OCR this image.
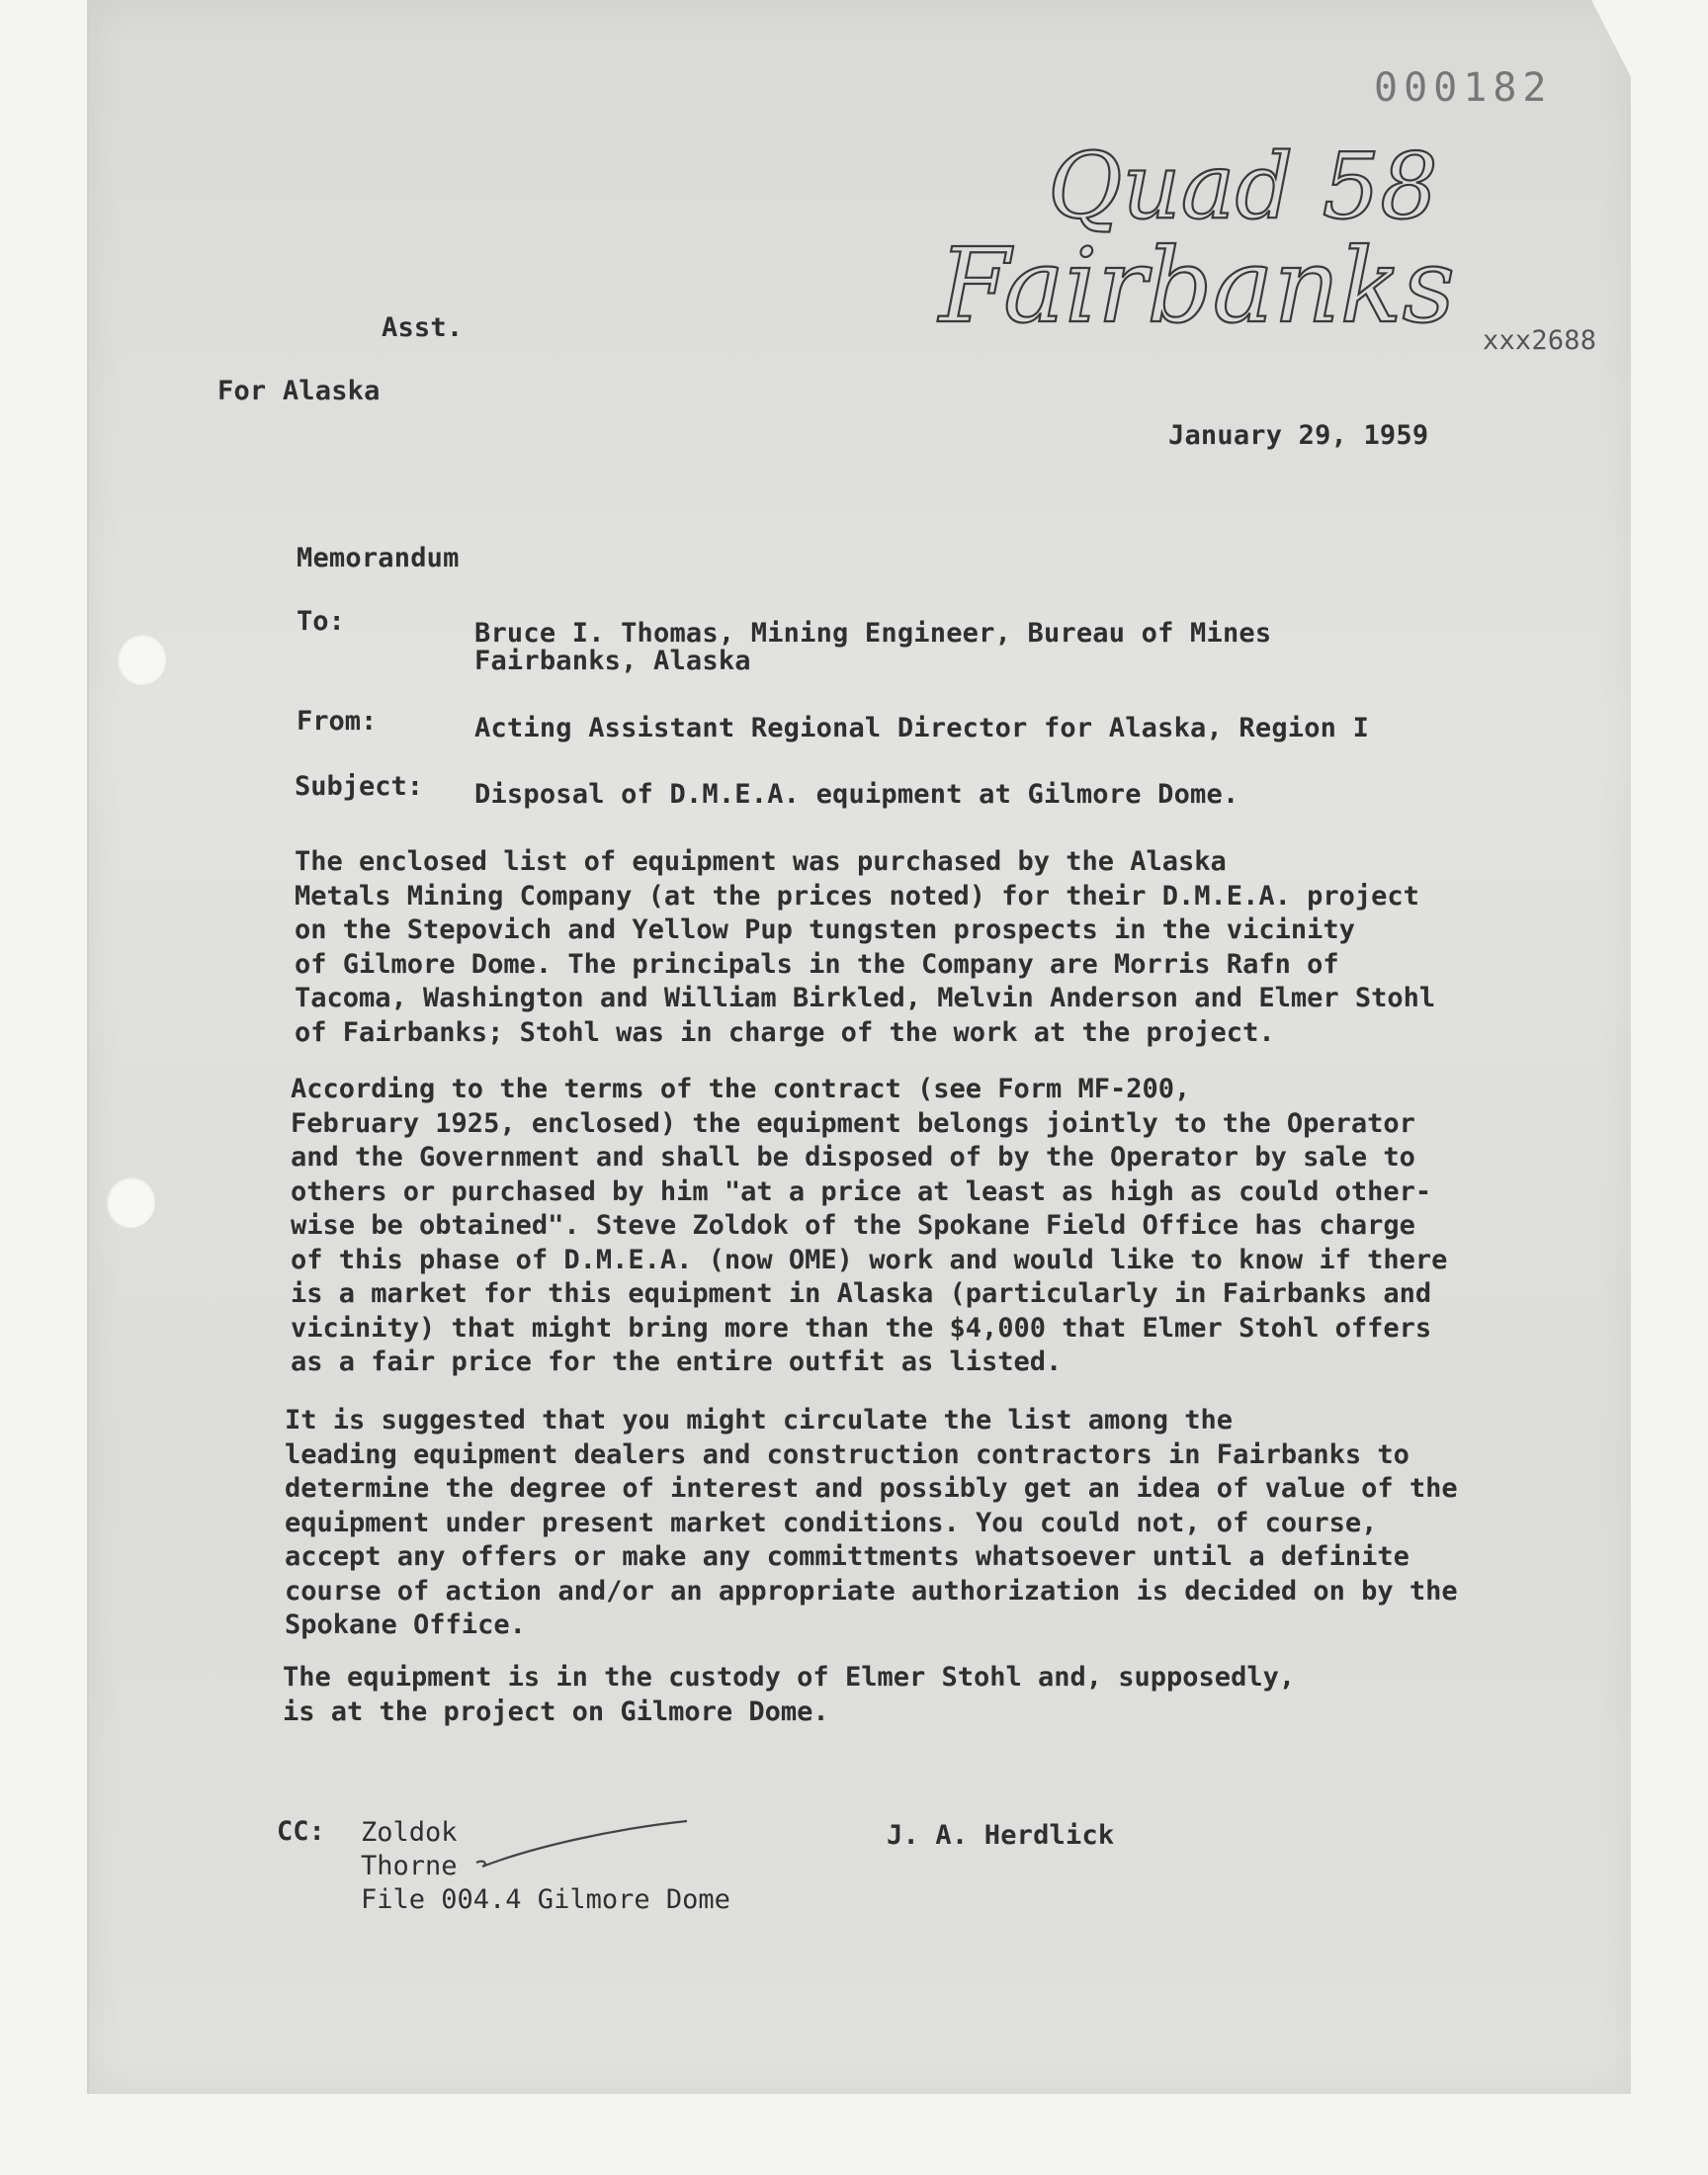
000182
Quad 58
Fairbanks
Asst.
For Alaska
xxx2688
January 29, 1959
Memorandum
To:	Bruce I. Thomas, Mining Engineer, Bureau of Mines
Fairbanks, Alaska
From:	Acting Assistant Regional Director for Alaska, Region I
Subject: Disposal of D.M.E.A. equipment at Gilmore Dome.
The enclosed list of equipment was purchased by the Alaska
Metals Mining Company (at the prices noted) for their D.M.E.A. project
on the Stepovich and Yellow Pup tungsten prospects in the vicinity
of Gilmore Dome. The principals in the Company are Morris Rafn of
Tacoma, Washington and William Birkled, Melvin Anderson and Elmer Stohl
of Fairbanks; Stohl was in charge of the work at the project.
According to the terms of the contract (see Form MF-200,
February 1925, enclosed) the equipment belongs jointly to the Operator
and the Government and shall be disposed of by the Operator by sale to
others or purchased by him "at a price at least as high as could other-
wise be obtained". Steve Zoldok of the Spokane Field Office has charge
of this phase of D.M.E.A. (now OME) work and would like to know if there
is a market for this equipment in Alaska (particularly in Fairbanks and
vicinity) that might bring more than the $4,000 that Elmer Stohl offers
as a fair price for the entire outfit as listed.
It is suggested that you might circulate the list among the
leading equipment dealers and construction contractors in Fairbanks to
determine the degree of interest and possibly get an idea of value of the
equipment under present market conditions. You could not, of course,
accept any offers or make any committments whatsoever until a definite
course of action and/or an appropriate authorization is decided on by the
Spokane Office.
The equipment is in the custody of Elmer Stohl and, supposedly,
is at the project on Gilmore Dome.
CC: Zoldok
Thorne
File 004.4 Gilmore Dome
J. A. Herdlick
